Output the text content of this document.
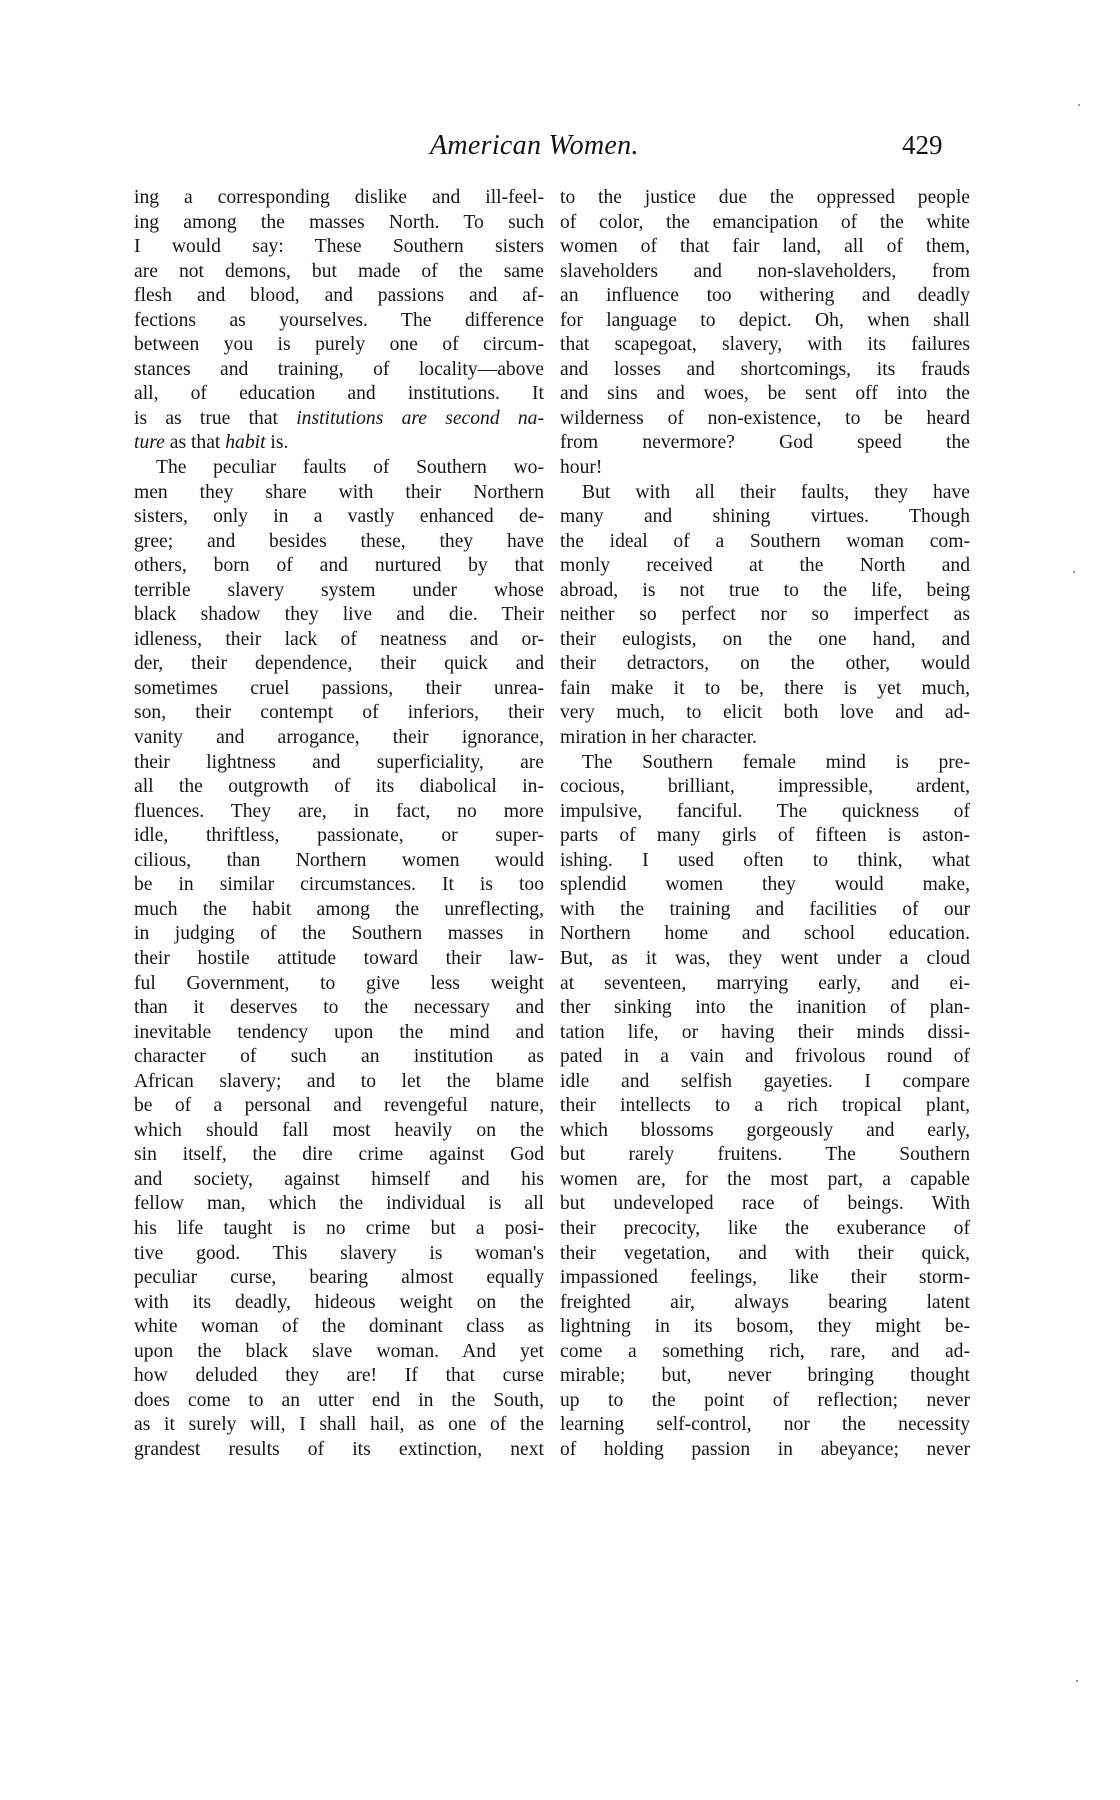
American Women.	429
ing a corresponding dislike and ill-feel-
ing among the masses North. To such
I would say: These Southern sisters
are not demons, but made of the same
flesh and blood, and passions and af-
fections as yourselves. The difference
between you is purely one of circum-
stances and training, of locality—above
all, of education and institutions. It
is as true that institutions are second na-
ture as that habit is.
The peculiar faults of Southern wo-
men they share with their Northern
sisters, only in a vastly enhanced de-
gree; and besides these, they have
others, born of and nurtured by that
terrible slavery system under whose
black shadow they live and die. Their
idleness, their lack of neatness and or-
der, their dependence, their quick and
sometimes cruel passions, their unrea-
son, their contempt of inferiors, their
vanity and arrogance, their ignorance,
their lightness and superficiality, are
all the outgrowth of its diabolical in-
fluences. They are, in fact, no more
idle, thriftless, passionate, or super-
cilious, than Northern women would
be in similar circumstances. It is too
much the habit among the unreflecting,
in judging of the Southern masses in
their hostile attitude toward their law-
ful Government, to give less weight
than it deserves to the necessary and
inevitable tendency upon the mind and
character of such an institution as
African slavery; and to let the blame
be of a personal and revengeful nature,
which should fall most heavily on the
sin itself, the dire crime against God
and society, against himself and his
fellow man, which the individual is all
his life taught is no crime but a posi-
tive good. This slavery is woman's
peculiar curse, bearing almost equally
with its deadly, hideous weight on the
white woman of the dominant class as
upon the black slave woman. And yet
how deluded they are! If that curse
does come to an utter end in the South,
as it surely will, I shall hail, as one of the
grandest results of its extinction, next
to the justice due the oppressed people
of color, the emancipation of the white
women of that fair land, all of them,
slaveholders and non-slaveholders, from
an influence too withering and deadly
for language to depict. Oh, when shall
that scapegoat, slavery, with its failures
and losses and shortcomings, its frauds
and sins and woes, be sent off into the
wilderness of non-existence, to be heard
from nevermore? God speed the
hour!
But with all their faults, they have
many and shining virtues. Though
the ideal of a Southern woman com-
monly received at the North and
abroad, is not true to the life, being
neither so perfect nor so imperfect as
their eulogists, on the one hand, and
their detractors, on the other, would
fain make it to be, there is yet much,
very much, to elicit both love and ad-
miration in her character.
The Southern female mind is pre-
cocious, brilliant, impressible, ardent,
impulsive, fanciful. The quickness of
parts of many girls of fifteen is aston-
ishing. I used often to think, what
splendid women they would make,
with the training and facilities of our
Northern home and school education.
But, as it was, they went under a cloud
at seventeen, marrying early, and ei-
ther sinking into the inanition of plan-
tation life, or having their minds dissi-
pated in a vain and frivolous round of
idle and selfish gayeties. I compare
their intellects to a rich tropical plant,
which blossoms gorgeously and early,
but rarely fruitens. The Southern
women are, for the most part, a capable
but undeveloped race of beings. With
their precocity, like the exuberance of
their vegetation, and with their quick,
impassioned feelings, like their storm-
freighted air, always bearing latent
lightning in its bosom, they might be-
come a something rich, rare, and ad-
mirable; but, never bringing thought
up to the point of reflection; never
learning self-control, nor the necessity
of holding passion in abeyance; never
